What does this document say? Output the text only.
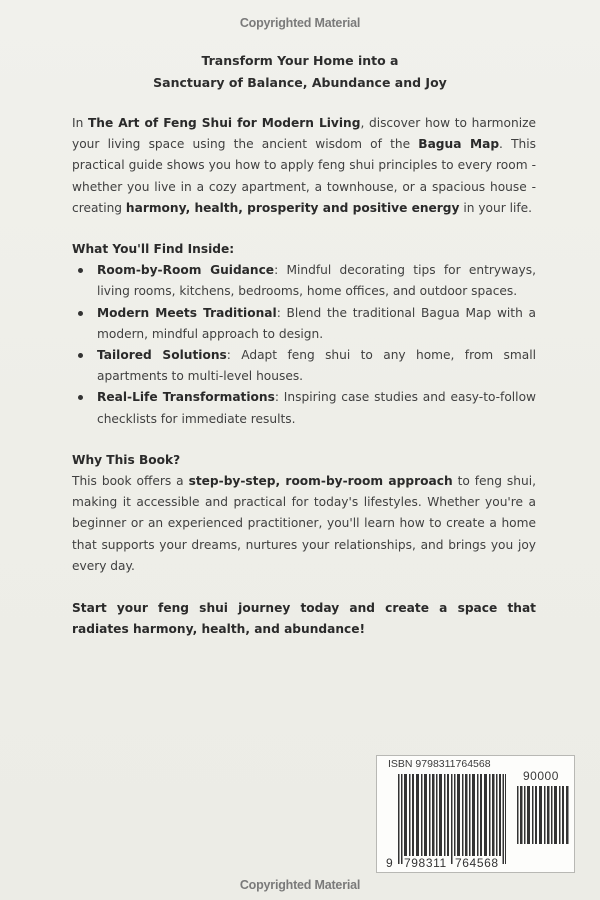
Copyrighted Material
Transform Your Home into a
Sanctuary of Balance, Abundance and Joy

In The Art of Feng Shui for Modern Living, discover how to harmonize your living space using the ancient wisdom of the Bagua Map. This practical guide shows you how to apply feng shui principles to every room - whether you live in a cozy apartment, a townhouse, or a spacious house - creating harmony, health, prosperity and positive energy in your life.

What You'll Find Inside:
Room-by-Room Guidance: Mindful decorating tips for entryways, living rooms, kitchens, bedrooms, home offices, and outdoor spaces.
Modern Meets Traditional: Blend the traditional Bagua Map with a modern, mindful approach to design.
Tailored Solutions: Adapt feng shui to any home, from small apartments to multi-level houses.
Real-Life Transformations: Inspiring case studies and easy-to-follow checklists for immediate results.
Why This Book?

This book offers a step-by-step, room-by-room approach to feng shui, making it accessible and practical for today's lifestyles. Whether you're a beginner or an experienced practitioner, you'll learn how to create a home that supports your dreams, nurtures your relationships, and brings you joy every day.

Start your feng shui journey today and create a space that radiates harmony, health, and abundance!

ISBN 9798311764568
90000
9 798311 764568
Copyrighted Material
